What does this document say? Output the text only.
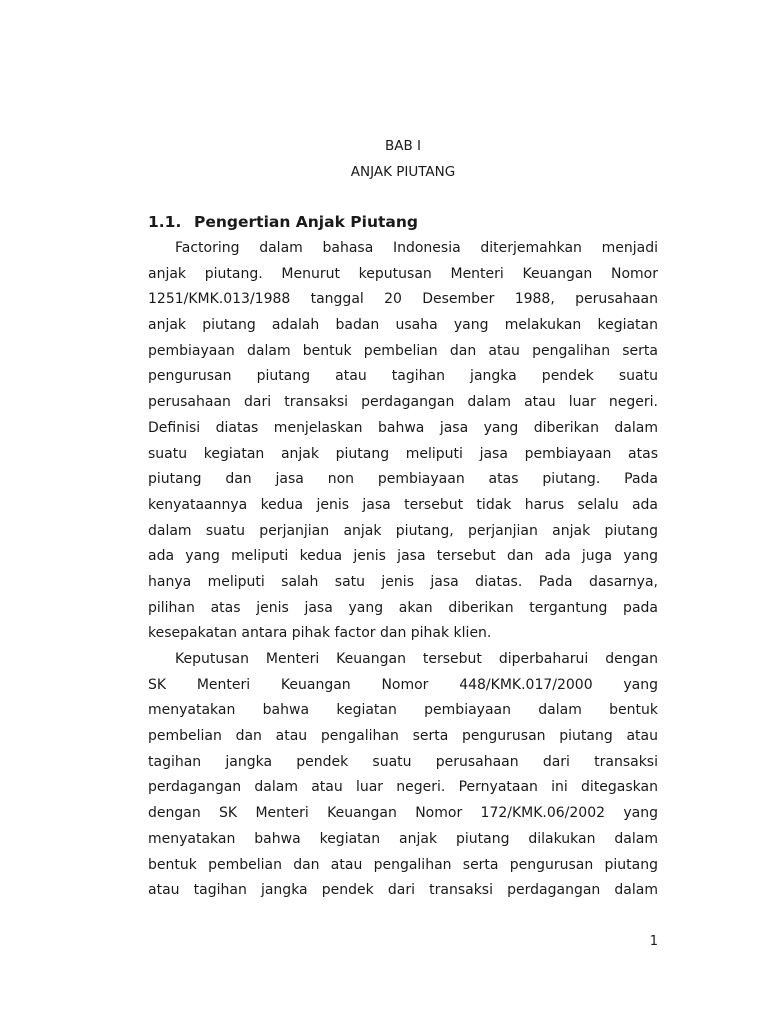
BAB I
ANJAK PIUTANG
1.1. Pengertian Anjak Piutang
Factoring dalam bahasa Indonesia diterjemahkan menjadi
anjak piutang. Menurut keputusan Menteri Keuangan Nomor
1251/KMK.013/1988 tanggal 20 Desember 1988, perusahaan
anjak piutang adalah badan usaha yang melakukan kegiatan
pembiayaan dalam bentuk pembelian dan atau pengalihan serta
pengurusan piutang atau tagihan jangka pendek suatu
perusahaan dari transaksi perdagangan dalam atau luar negeri.
Definisi diatas menjelaskan bahwa jasa yang diberikan dalam
suatu kegiatan anjak piutang meliputi jasa pembiayaan atas
piutang dan jasa non pembiayaan atas piutang. Pada
kenyataannya kedua jenis jasa tersebut tidak harus selalu ada
dalam suatu perjanjian anjak piutang, perjanjian anjak piutang
ada yang meliputi kedua jenis jasa tersebut dan ada juga yang
hanya meliputi salah satu jenis jasa diatas. Pada dasarnya,
pilihan atas jenis jasa yang akan diberikan tergantung pada
kesepakatan antara pihak factor dan pihak klien.
Keputusan Menteri Keuangan tersebut diperbaharui dengan
SK Menteri Keuangan Nomor 448/KMK.017/2000 yang
menyatakan bahwa kegiatan pembiayaan dalam bentuk
pembelian dan atau pengalihan serta pengurusan piutang atau
tagihan jangka pendek suatu perusahaan dari transaksi
perdagangan dalam atau luar negeri. Pernyataan ini ditegaskan
dengan SK Menteri Keuangan Nomor 172/KMK.06/2002 yang
menyatakan bahwa kegiatan anjak piutang dilakukan dalam
bentuk pembelian dan atau pengalihan serta pengurusan piutang
atau tagihan jangka pendek dari transaksi perdagangan dalam
1
